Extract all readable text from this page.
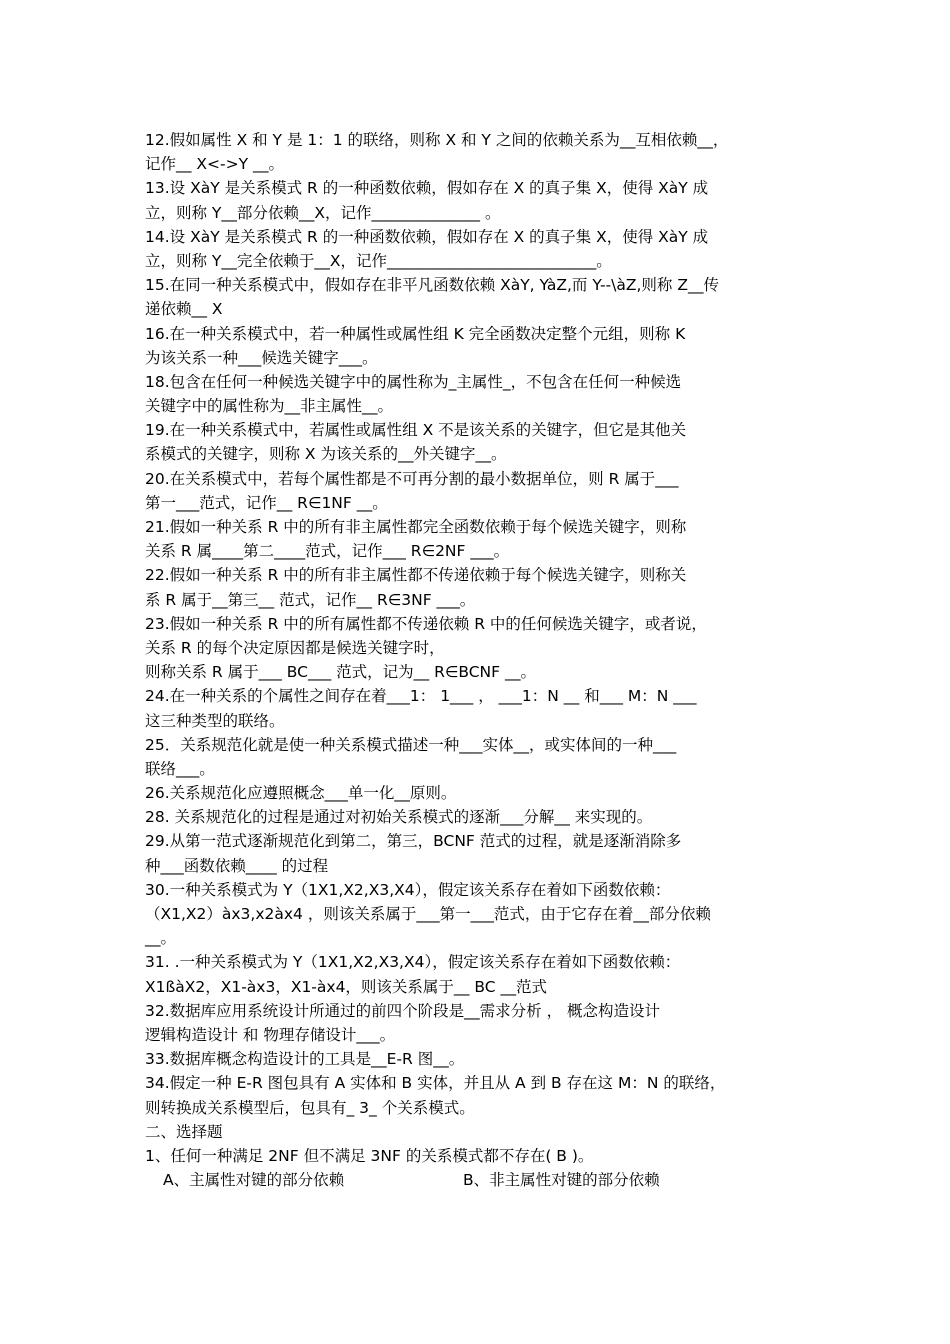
12.假如属性 X 和 Y 是 1：1 的联络，则称 X 和 Y 之间的依赖关系为__互相依赖__，
记作__ X<->Y __。
13.设 XàY 是关系模式 R 的一种函数依赖，假如存在 X 的真子集 X，使得 XàY 成
立，则称 Y__部分依赖__X，记作______________ 。
14.设 XàY 是关系模式 R 的一种函数依赖，假如存在 X 的真子集 X，使得 XàY 成
立，则称 Y__完全依赖于__X，记作___________________________。
15.在同一种关系模式中，假如存在非平凡函数依赖 XàY, YàZ,而 Y--\àZ,则称 Z__传
递依赖__ X
16.在一种关系模式中，若一种属性或属性组 K 完全函数决定整个元组，则称 K
为该关系一种___候选关键字___。
18.包含在任何一种候选关键字中的属性称为_主属性_，不包含在任何一种候选
关键字中的属性称为__非主属性__。
19.在一种关系模式中，若属性或属性组 X 不是该关系的关键字，但它是其他关
系模式的关键字，则称 X 为该关系的__外关键字__。
20.在关系模式中，若每个属性都是不可再分割的最小数据单位，则 R 属于___
第一___范式，记作__ R∈1NF __。
21.假如一种关系 R 中的所有非主属性都完全函数依赖于每个候选关键字，则称
关系 R 属____第二____范式，记作___ R∈2NF ___。
22.假如一种关系 R 中的所有非主属性都不传递依赖于每个候选关键字，则称关
系 R 属于__第三__ 范式，记作__ R∈3NF ___。
23.假如一种关系 R 中的所有属性都不传递依赖 R 中的任何候选关键字，或者说，
关系 R 的每个决定原因都是候选关键字时，
则称关系 R 属于___ BC___ 范式，记为__ R∈BCNF __。
24.在一种关系的个属性之间存在着___1： 1___ ， ___1：N __ 和___ M：N ___
这三种类型的联络。
25．关系规范化就是使一种关系模式描述一种___实体__，或实体间的一种___
联络___。
26.关系规范化应遵照概念___单一化__原则。
28. 关系规范化的过程是通过对初始关系模式的逐渐___分解__ 来实现的。
29.从第一范式逐渐规范化到第二，第三，BCNF 范式的过程，就是逐渐消除多
种___函数依赖____ 的过程
30.一种关系模式为 Y（1X1,X2,X3,X4），假定该关系存在着如下函数依赖：
（X1,X2）àx3,x2àx4 ，则该关系属于___第一___范式，由于它存在着__部分依赖
__。
31. .一种关系模式为 Y（1X1,X2,X3,X4），假定该关系存在着如下函数依赖：
X1ßàX2，X1-àx3，X1-àx4，则该关系属于__ BC __范式
32.数据库应用系统设计所通过的前四个阶段是__需求分析 ， 概念构造设计
逻辑构造设计 和 物理存储设计___。
33.数据库概念构造设计的工具是__E-R 图__。
34.假定一种 E-R 图包具有 A 实体和 B 实体，并且从 A 到 B 存在这 M：N 的联络，
则转换成关系模型后，包具有_ 3_ 个关系模式。
二、选择题
1、任何一种满足 2NF 但不满足 3NF 的关系模式都不存在( B )。
A、主属性对键的部分依赖	B、非主属性对键的部分依赖
